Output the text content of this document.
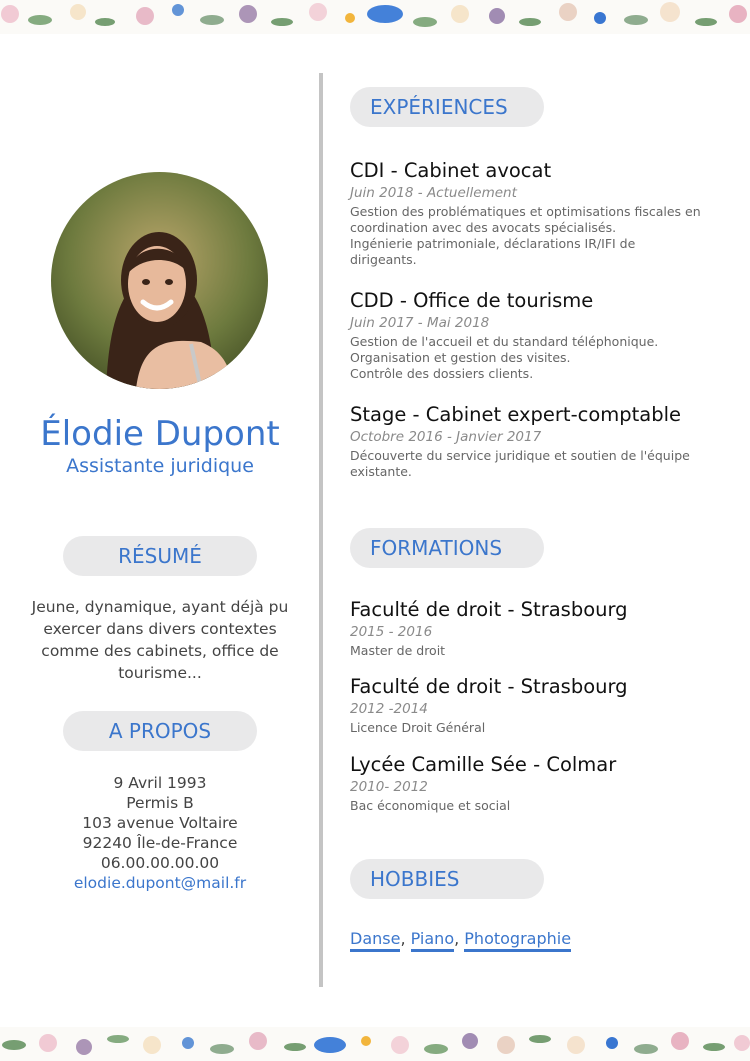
Élodie Dupont
Assistante juridique
RÉSUMÉ
Jeune, dynamique, ayant déjà pu exercer dans divers contextes comme des cabinets, office de tourisme...
A PROPOS
9 Avril 1993
Permis B
103 avenue Voltaire
92240 Île-de-France
06.00.00.00.00
elodie.dupont@mail.fr
EXPÉRIENCES
CDI - Cabinet avocat
Juin 2018 - Actuellement
Gestion des problématiques et optimisations fiscales en
coordination avec des avocats spécialisés.
Ingénierie patrimoniale, déclarations IR/IFI de
dirigeants.
CDD - Office de tourisme
Juin 2017 - Mai 2018
Gestion de l'accueil et du standard téléphonique.
Organisation et gestion des visites.
Contrôle des dossiers clients.
Stage - Cabinet expert-comptable
Octobre 2016 - Janvier 2017
Découverte du service juridique et soutien de l'équipe
existante.
FORMATIONS
Faculté de droit - Strasbourg
2015 - 2016
Master de droit
Faculté de droit - Strasbourg
2012 -2014
Licence Droit Général
Lycée Camille Sée - Colmar
2010- 2012
Bac économique et social
HOBBIES
Danse, Piano, Photographie
